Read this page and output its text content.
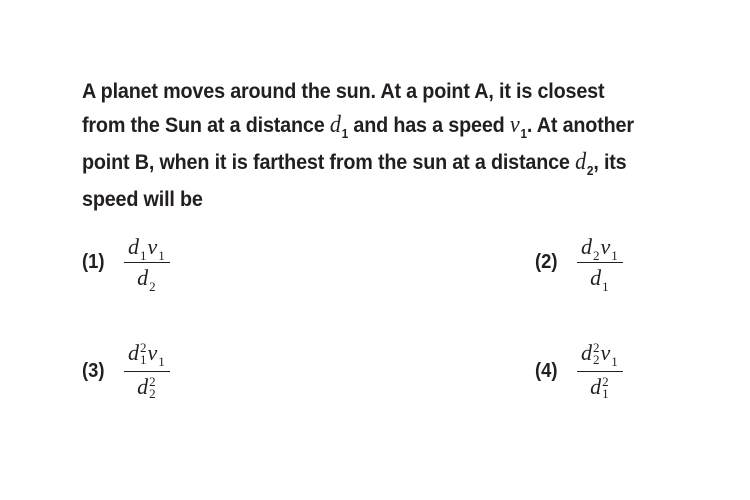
A planet moves around the sun. At a point A, it is closest from the Sun at a distance $d_1$ and has a speed $v_1$. At another point B, when it is farthest from the sun at a distance $d_2$, its speed will be
$(1) \frac{d_1v_1}{d_2}$	$(2) \frac{d_2v_1}{d_1}$
(3) d 2
1 $v_1$
d 2
2	(4) d 2
2 $v_1$
d 2
1
